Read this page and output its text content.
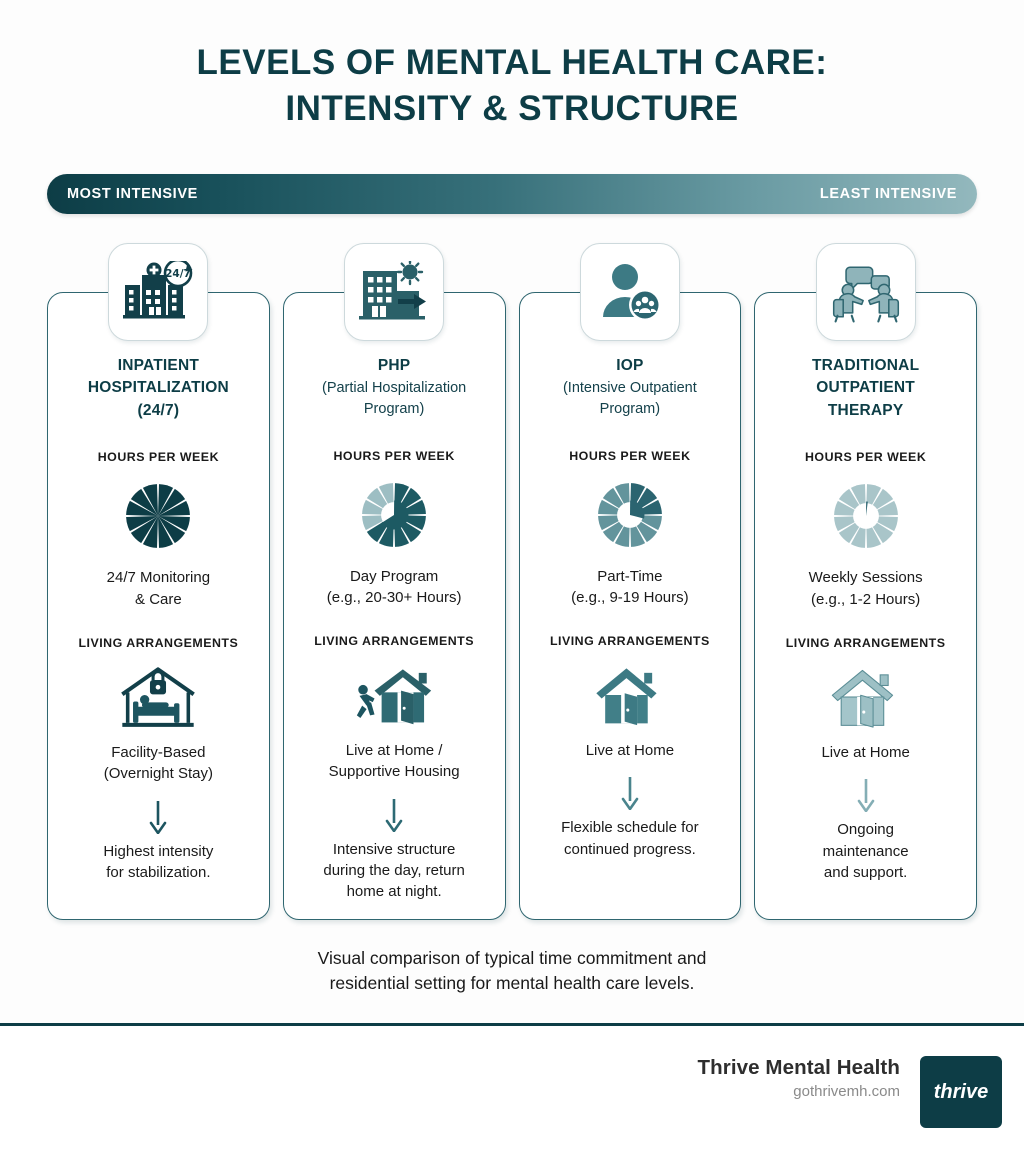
LEVELS OF MENTAL HEALTH CARE:
INTENSITY & STRUCTURE
MOST INTENSIVE	LEAST INTENSIVE
24/7
INPATIENT
HOSPITALIZATION
(24/7)
HOURS PER WEEK
24/7 Monitoring
& Care
LIVING ARRANGEMENTS
Facility-Based
(Overnight Stay)
Highest intensity
for stabilization.
PHP
(Partial Hospitalization
Program)
HOURS PER WEEK
Day Program
(e.g., 20-30+ Hours)
LIVING ARRANGEMENTS
Live at Home /
Supportive Housing
Intensive structure
during the day, return
home at night.
IOP
(Intensive Outpatient
Program)
HOURS PER WEEK
Part-Time
(e.g., 9-19 Hours)
LIVING ARRANGEMENTS
Live at Home
Flexible schedule for
continued progress.
TRADITIONAL
OUTPATIENT
THERAPY
HOURS PER WEEK
Weekly Sessions
(e.g., 1-2 Hours)
LIVING ARRANGEMENTS
Live at Home
Ongoing
maintenance
and support.
Visual comparison of typical time commitment and
residential setting for mental health care levels.
Thrive Mental Health
gothrivemh.com thrive
